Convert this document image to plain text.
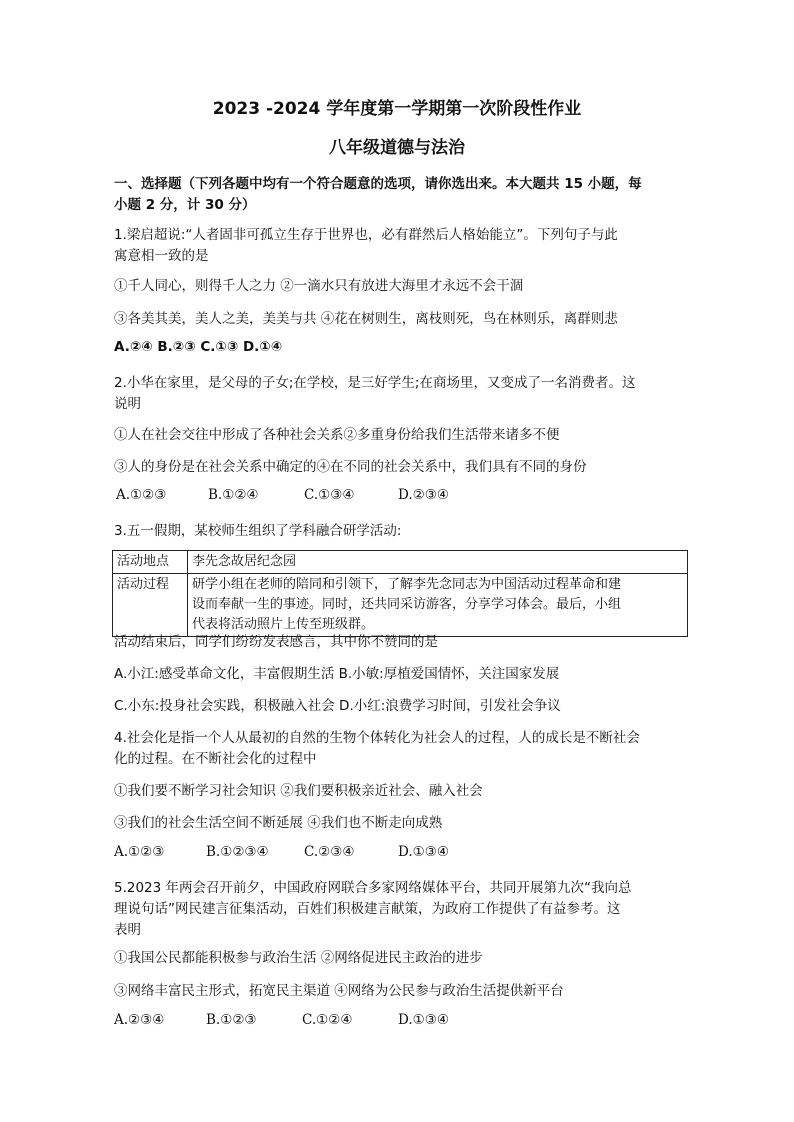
2023 -2024 学年度第一学期第一次阶段性作业
八年级道德与法治
一、选择题（下列各题中均有一个符合题意的选项，请你选出来。本大题共 15 小题，每
小题 2 分，计 30 分）
1.梁启超说:“人者固非可孤立生存于世界也，必有群然后人格始能立”。下列句子与此
寓意相一致的是
①千人同心，则得千人之力 ②一滴水只有放进大海里才永远不会干涸
③各美其美，美人之美，美美与共 ④花在树则生，离枝则死，鸟在林则乐，离群则悲
A.②④ B.②③ C.①③ D.①④
2.小华在家里，是父母的子女;在学校，是三好学生;在商场里，又变成了一名消费者。这
说明
①人在社会交往中形成了各种社会关系②多重身份给我们生活带来诸多不便
③人的身份是在社会关系中确定的④在不同的社会关系中，我们具有不同的身份
A.①②③	B.①②④	C.①③④	D.②③④
3.五一假期，某校师生组织了学科融合研学活动:
活动地点	李先念故居纪念园
活动过程	研学小组在老师的陪同和引领下，了解李先念同志为中国活动过程革命和建
设而奉献一生的事迹。同时，还共同采访游客，分享学习体会。最后，小组
代表将活动照片上传至班级群。
活动结束后，同学们纷纷发表感言，其中你不赞同的是
A.小江:感受革命文化，丰富假期生活 B.小敏:厚植爱国情怀，关注国家发展
C.小东:投身社会实践，积极融入社会 D.小红:浪费学习时间，引发社会争议
4.社会化是指一个人从最初的自然的生物个体转化为社会人的过程，人的成长是不断社会
化的过程。在不断社会化的过程中
①我们要不断学习社会知识 ②我们要积极亲近社会、融入社会
③我们的社会生活空间不断延展 ④我们也不断走向成熟
A.①②③	B.①②③④	C.②③④	D.①③④
5.2023 年两会召开前夕，中国政府网联合多家网络媒体平台，共同开展第九次“我向总
理说句话”网民建言征集活动，百姓们积极建言献策，为政府工作提供了有益参考。这
表明
①我国公民都能积极参与政治生活 ②网络促进民主政治的进步
③网络丰富民主形式，拓宽民主渠道 ④网络为公民参与政治生活提供新平台
A.②③④	B.①②③	C.①②④	D.①③④
